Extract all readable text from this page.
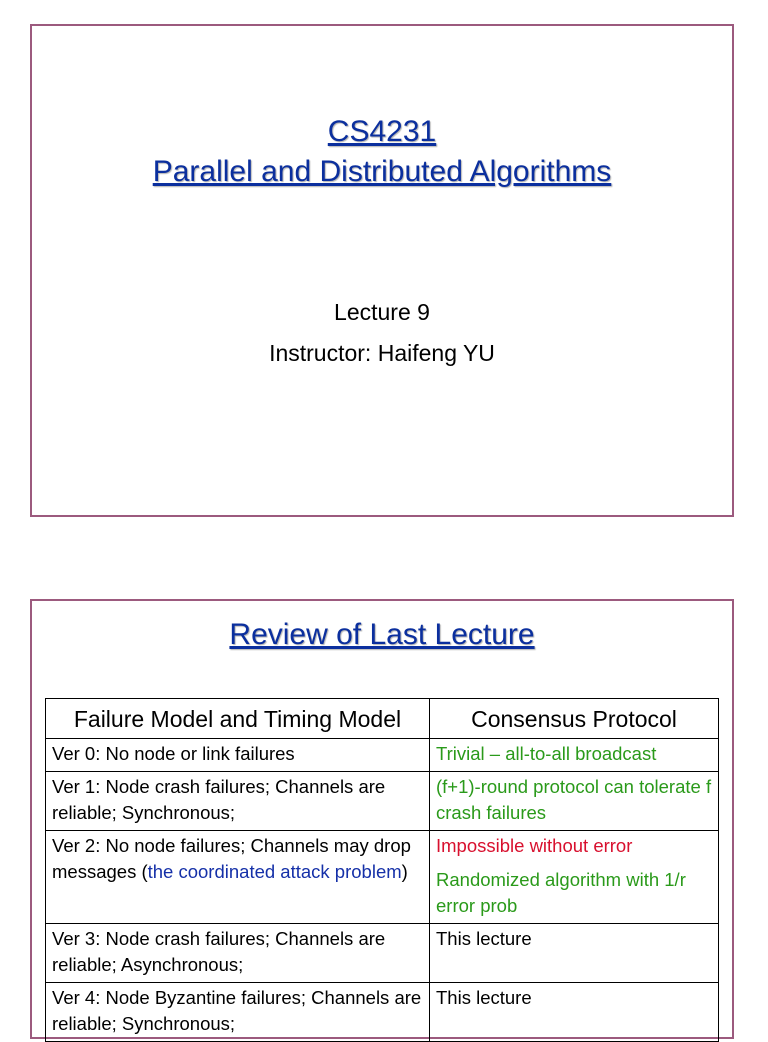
CS4231
Parallel and Distributed Algorithms
Lecture 9
Instructor: Haifeng YU
Review of Last Lecture
Failure Model and Timing Model	Consensus Protocol
Ver 0: No node or link failures	Trivial – all-to-all broadcast
Ver 1: Node crash failures; Channels are reliable; Synchronous;	(f+1)-round protocol can tolerate f crash failures
Ver 2: No node failures; Channels may drop messages (the coordinated attack problem)	Impossible without error
Randomized algorithm with 1/r error prob

Ver 3: Node crash failures; Channels are reliable; Asynchronous;	This lecture
Ver 4: Node Byzantine failures; Channels are reliable; Synchronous;	This lecture
